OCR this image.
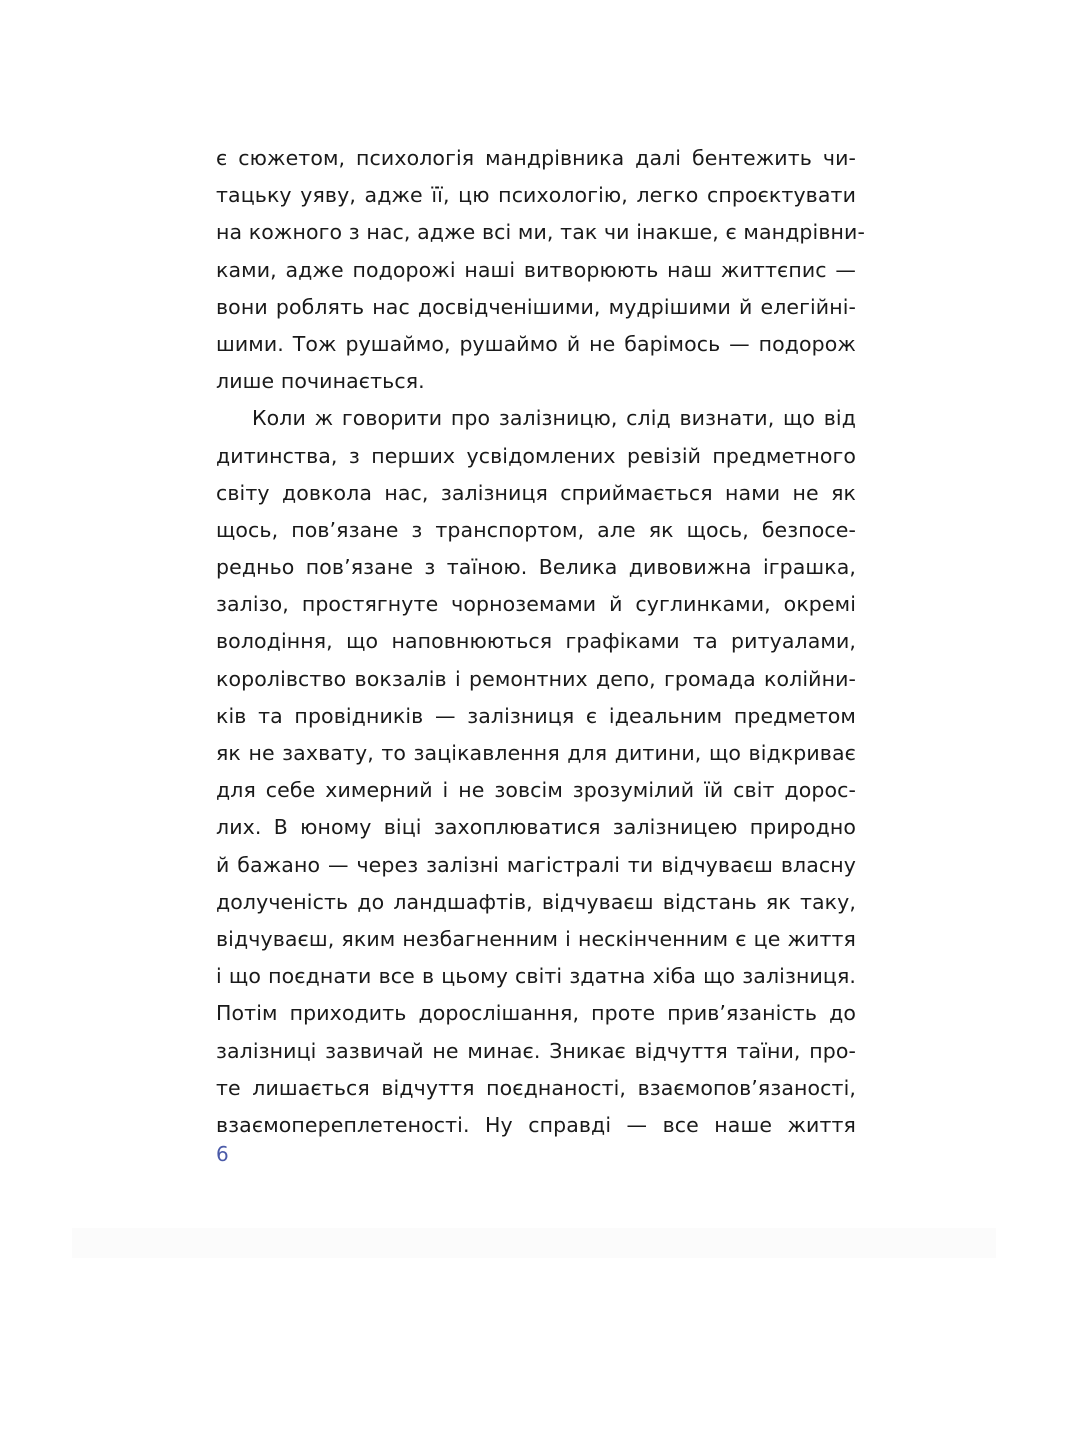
є сюжетом, психологія мандрівника далі бентежить чи-
тацьку уяву, адже її, цю психологію, легко спроєктувати
на кожного з нас, адже всі ми, так чи інакше, є мандрівни-
ками, адже подорожі наші витворюють наш життєпис —
вони роблять нас досвідченішими, мудрішими й елегійні-
шими. Тож рушаймо, рушаймо й не барімось — подорож
лише починається.
Коли ж говорити про залізницю, слід визнати, що від
дитинства, з перших усвідомлених ревізій предметного
світу довкола нас, залізниця сприймається нами не як
щось, пов’язане з транспортом, але як щось, безпосе-
редньо пов’язане з таїною. Велика дивовижна іграшка,
залізо, простягнуте чорноземами й суглинками, окремі
володіння, що наповнюються графіками та ритуалами,
королівство вокзалів і ремонтних депо, громада колійни-
ків та провідників — залізниця є ідеальним предметом
як не захвату, то зацікавлення для дитини, що відкриває
для себе химерний і не зовсім зрозумілий їй світ дорос-
лих. В юному віці захоплюватися залізницею природно
й бажано — через залізні магістралі ти відчуваєш власну
долученість до ландшафтів, відчуваєш відстань як таку,
відчуваєш, яким незбагненним і нескінченним є це життя
і що поєднати все в цьому світі здатна хіба що залізниця.
Потім приходить дорослішання, проте прив’язаність до
залізниці зазвичай не минає. Зникає відчуття таїни, про-
те лишається відчуття поєднаності, взаємопов’язаності,
взаємопереплетеності. Ну справді — все наше життя
6
